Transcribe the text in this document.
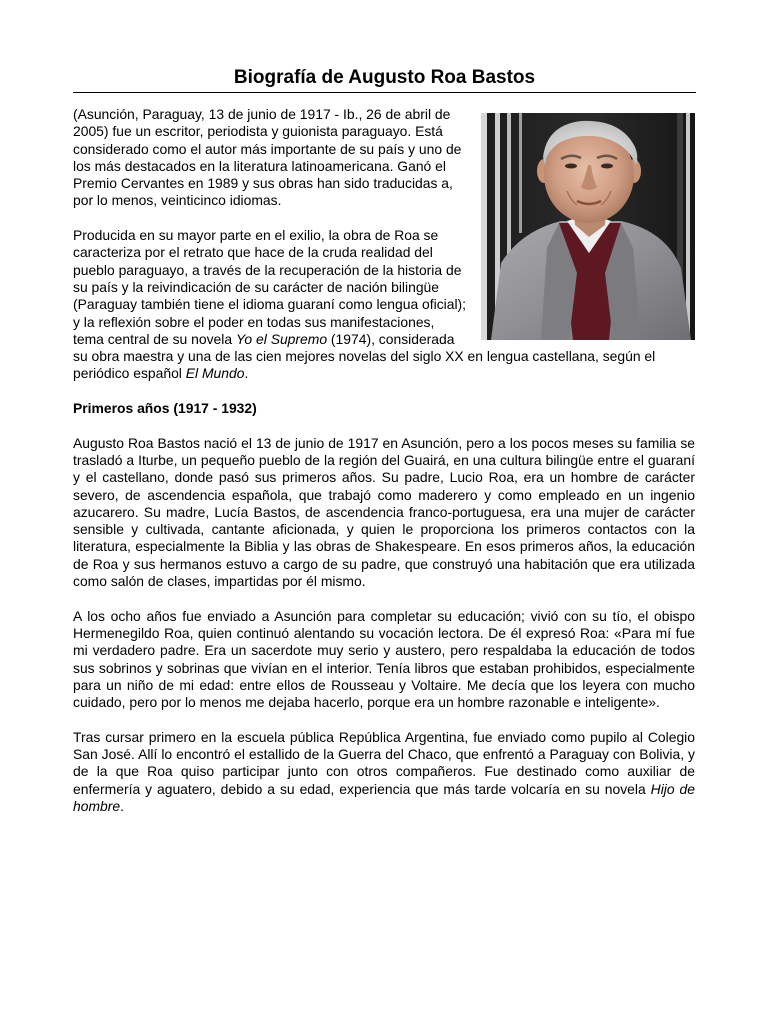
Biografía de Augusto Roa Bastos

(Asunción, Paraguay, 13 de junio de 1917 - Ib., 26 de abril de 2005) fue un escritor, periodista y guionista paraguayo. Está considerado como el autor más importante de su país y uno de los más destacados en la literatura latinoamericana. Ganó el Premio Cervantes en 1989 y sus obras han sido traducidas a, por lo menos, veinticinco idiomas.

Producida en su mayor parte en el exilio, la obra de Roa se caracteriza por el retrato que hace de la cruda realidad del pueblo paraguayo, a través de la recuperación de la historia de su país y la reivindicación de su carácter de nación bilingüe (Paraguay también tiene el idioma guaraní como lengua oficial); y la reflexión sobre el poder en todas sus manifestaciones, tema central de su novela Yo el Supremo (1974), considerada su obra maestra y una de las cien mejores novelas del siglo XX en lengua castellana, según el periódico español El Mundo.

Primeros años (1917 - 1932)

Augusto Roa Bastos nació el 13 de junio de 1917 en Asunción, pero a los pocos meses su familia se trasladó a Iturbe, un pequeño pueblo de la región del Guairá, en una cultura bilingüe entre el guaraní y el castellano, donde pasó sus primeros años. Su padre, Lucio Roa, era un hombre de carácter severo, de ascendencia española, que trabajó como maderero y como empleado en un ingenio azucarero. Su madre, Lucía Bastos, de ascendencia franco-portuguesa, era una mujer de carácter sensible y cultivada, cantante aficionada, y quien le proporciona los primeros contactos con la literatura, especialmente la Biblia y las obras de Shakespeare. En esos primeros años, la educación de Roa y sus hermanos estuvo a cargo de su padre, que construyó una habitación que era utilizada como salón de clases, impartidas por él mismo.

A los ocho años fue enviado a Asunción para completar su educación; vivió con su tío, el obispo Hermenegildo Roa, quien continuó alentando su vocación lectora. De él expresó Roa: «Para mí fue mi verdadero padre. Era un sacerdote muy serio y austero, pero respaldaba la educación de todos sus sobrinos y sobrinas que vivían en el interior. Tenía libros que estaban prohibidos, especialmente para un niño de mi edad: entre ellos de Rousseau y Voltaire. Me decía que los leyera con mucho cuidado, pero por lo menos me dejaba hacerlo, porque era un hombre razonable e inteligente».

Tras cursar primero en la escuela pública República Argentina, fue enviado como pupilo al Colegio San José. Allí lo encontró el estallido de la Guerra del Chaco, que enfrentó a Paraguay con Bolivia, y de la que Roa quiso participar junto con otros compañeros. Fue destinado como auxiliar de enfermería y aguatero, debido a su edad, experiencia que más tarde volcaría en su novela Hijo de hombre.
